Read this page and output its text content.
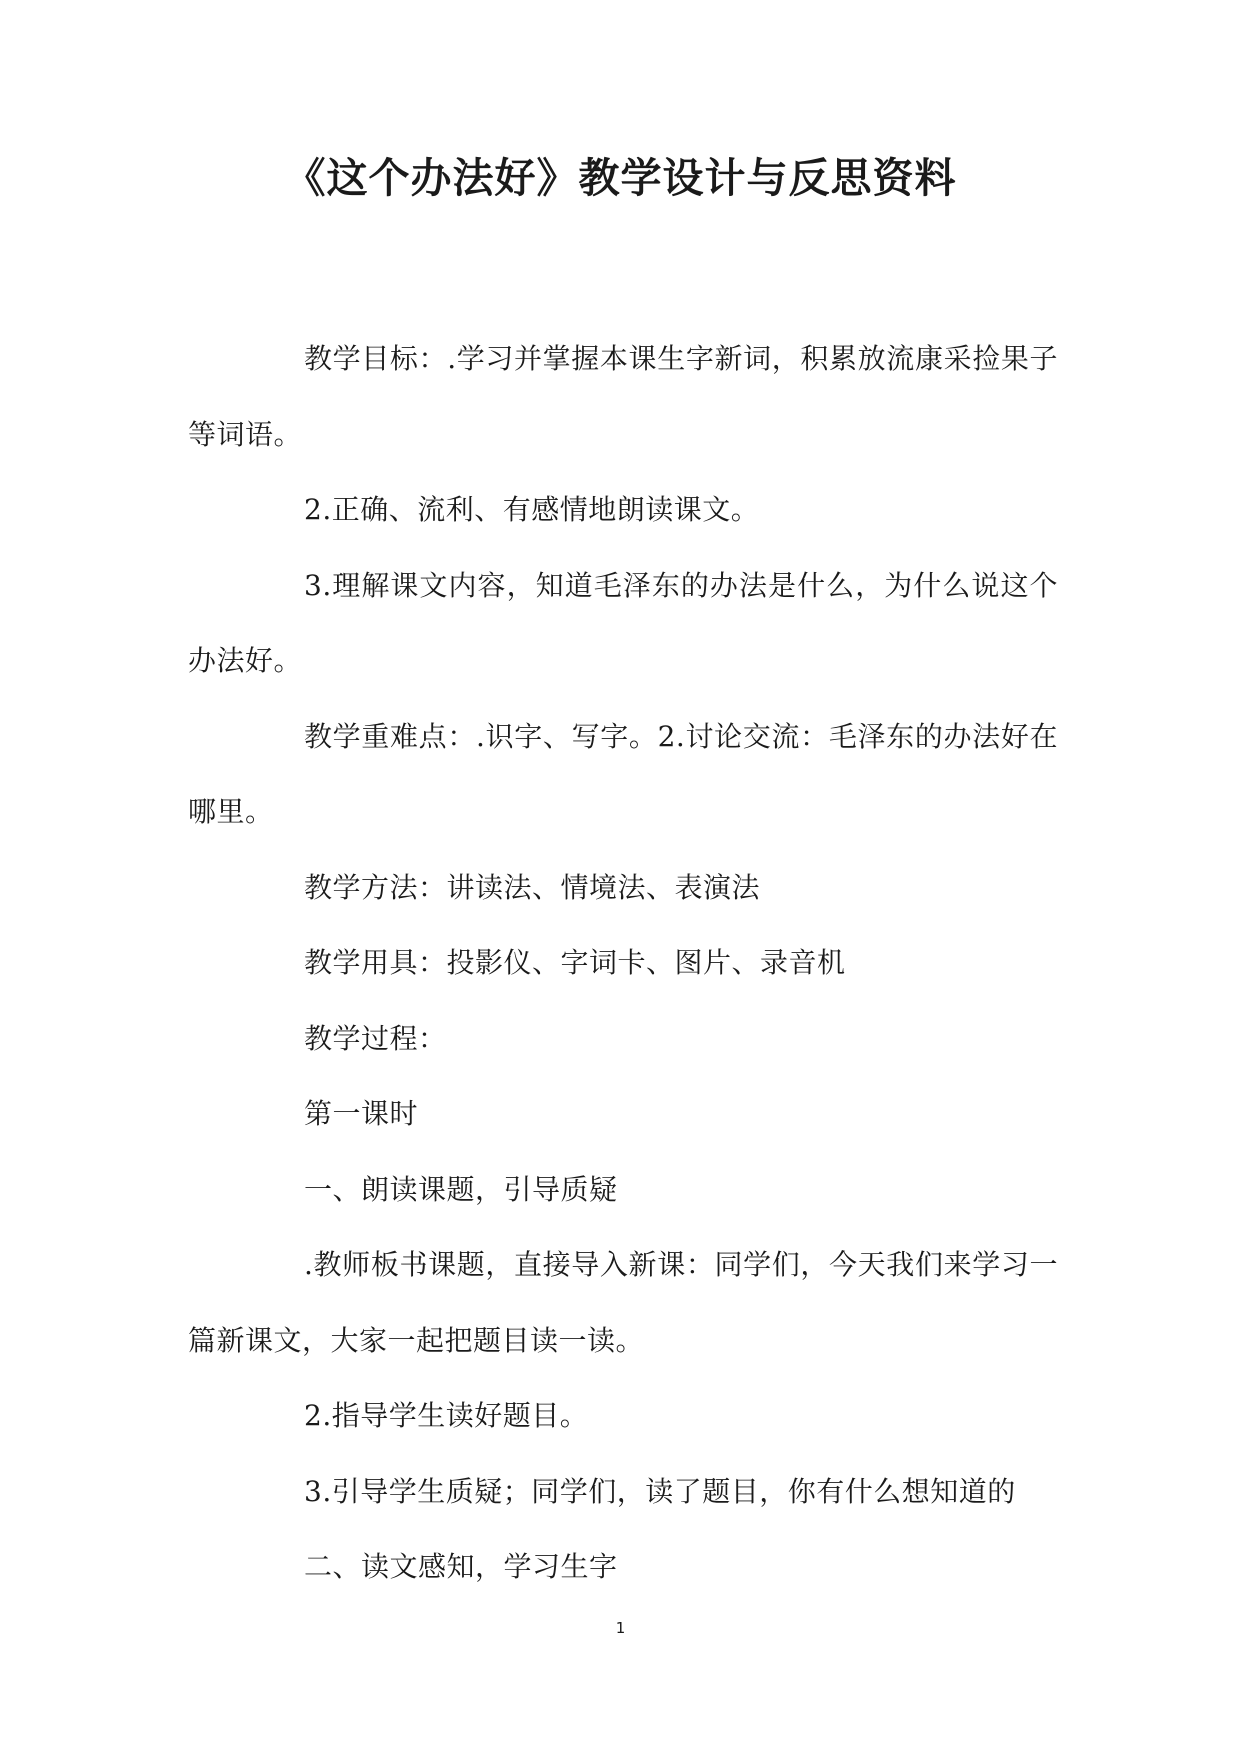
《这个办法好》教学设计与反思资料

教学目标：.学习并掌握本课生字新词，积累放流康采捡果子等词语。

2.正确、流利、有感情地朗读课文。

3.理解课文内容，知道毛泽东的办法是什么，为什么说这个办法好。

教学重难点：.识字、写字。2.讨论交流：毛泽东的办法好在哪里。

教学方法：讲读法、情境法、表演法

教学用具：投影仪、字词卡、图片、录音机

教学过程：

第一课时

一、朗读课题，引导质疑

.教师板书课题，直接导入新课：同学们，今天我们来学习一篇新课文，大家一起把题目读一读。

2.指导学生读好题目。

3.引导学生质疑；同学们，读了题目，你有什么想知道的

二、读文感知，学习生字

1
